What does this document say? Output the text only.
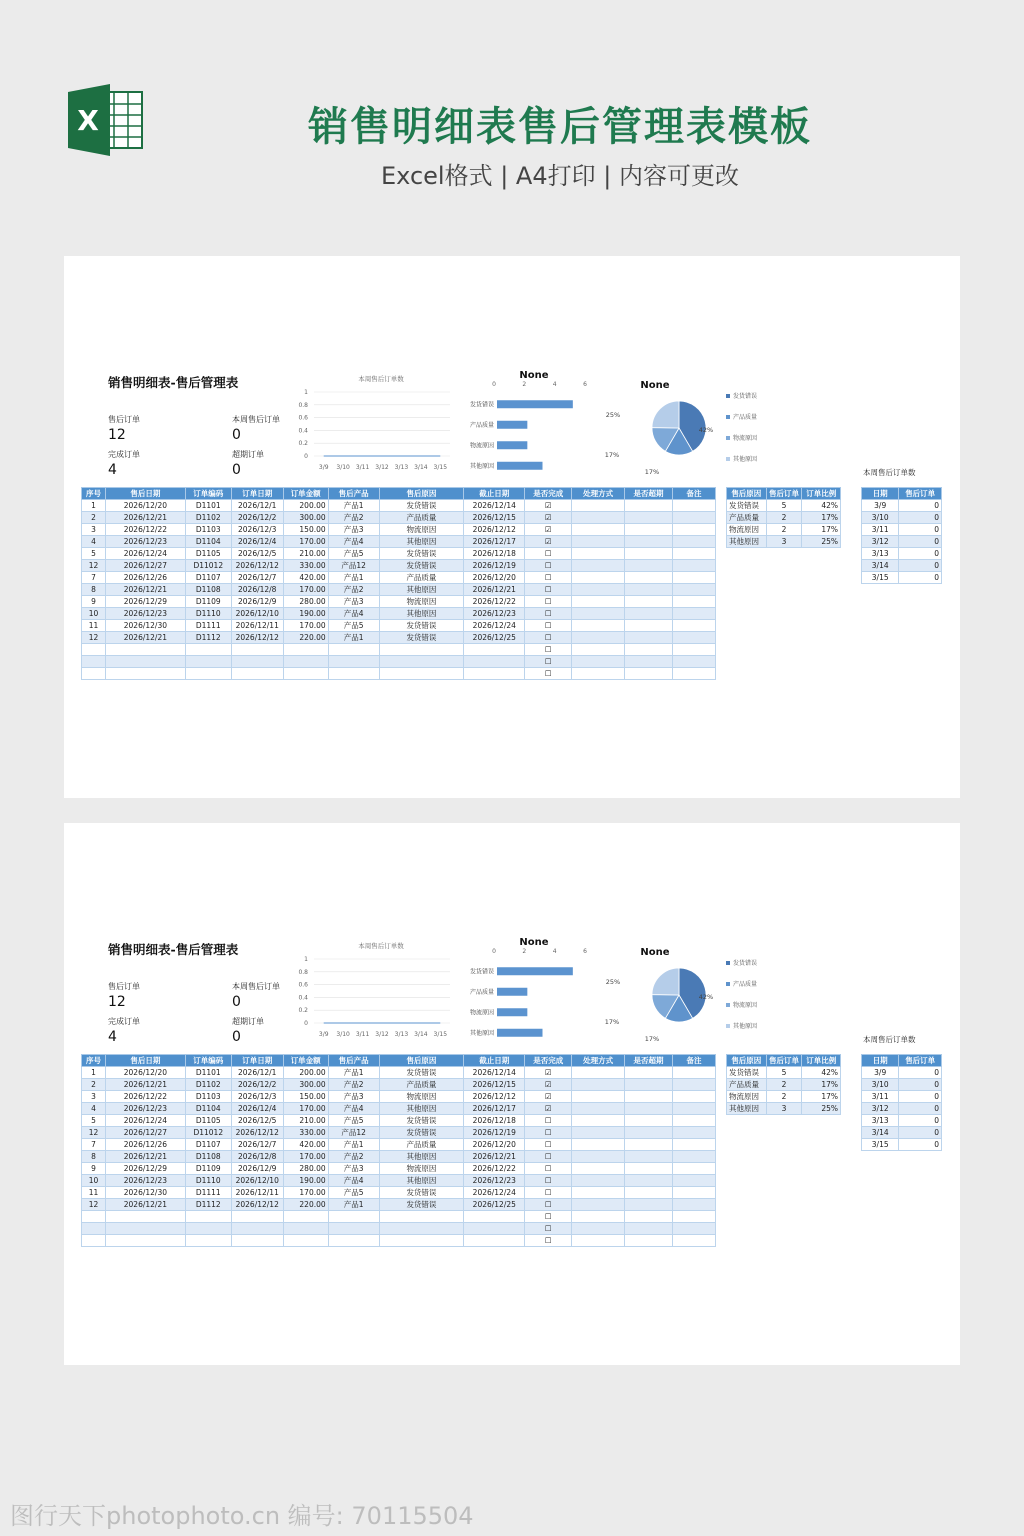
X	销售明细表售后管理表模板
Excel格式 | A4打印 | 内容可更改
销售明细表-售后管理表
售后订单
12
本周售后订单
0
完成订单
4
超期订单
0
本周售后订单数
1
0.8
0.6
0.4
0.2
0
3/9 3/10 3/11 3/12 3/13 3/14 3/15
None
0	2	4	6
发货错误
产品质量
物流原因
其他原因
None
42%
17%
17%
25%
发货错误
产品质量
物流原因
其他原因
本周售后订单数
序号	售后日期	订单编码	订单日期	订单金额	售后产品	售后原因	截止日期	是否完成	处理方式	是否超期	备注
1	2026/12/20	D1101	2026/12/1	200.00	产品1	发货错误	2026/12/14	☑			
2	2026/12/21	D1102	2026/12/2	300.00	产品2	产品质量	2026/12/15	☑			
3	2026/12/22	D1103	2026/12/3	150.00	产品3	物流原因	2026/12/12	☑			
4	2026/12/23	D1104	2026/12/4	170.00	产品4	其他原因	2026/12/17	☑			
5	2026/12/24	D1105	2026/12/5	210.00	产品5	发货错误	2026/12/18	☐			
12	2026/12/27	D11012	2026/12/12	330.00	产品12	发货错误	2026/12/19	☐			
7	2026/12/26	D1107	2026/12/7	420.00	产品1	产品质量	2026/12/20	☐			
8	2026/12/21	D1108	2026/12/8	170.00	产品2	其他原因	2026/12/21	☐			
9	2026/12/29	D1109	2026/12/9	280.00	产品3	物流原因	2026/12/22	☐			
10	2026/12/23	D1110	2026/12/10	190.00	产品4	其他原因	2026/12/23	☐			
11	2026/12/30	D1111	2026/12/11	170.00	产品5	发货错误	2026/12/24	☐			
12	2026/12/21	D1112	2026/12/12	220.00	产品1	发货错误	2026/12/25	☐			
								☐			
								☐			
								☐			
售后原因	售后订单	订单比例
发货错误	5	42%
产品质量	2	17%
物流原因	2	17%
其他原因	3	25%
日期	售后订单
3/9	0
3/10	0
3/11	0
3/12	0
3/13	0
3/14	0
3/15	0
销售明细表-售后管理表
售后订单
12
本周售后订单
0
完成订单
4
超期订单
0
本周售后订单数
1
0.8
0.6
0.4
0.2
0
3/9 3/10 3/11 3/12 3/13 3/14 3/15
None
0	2	4	6
发货错误
产品质量
物流原因
其他原因
None
42%
17%
17%
25%
发货错误
产品质量
物流原因
其他原因
本周售后订单数
序号	售后日期	订单编码	订单日期	订单金额	售后产品	售后原因	截止日期	是否完成	处理方式	是否超期	备注
1	2026/12/20	D1101	2026/12/1	200.00	产品1	发货错误	2026/12/14	☑			
2	2026/12/21	D1102	2026/12/2	300.00	产品2	产品质量	2026/12/15	☑			
3	2026/12/22	D1103	2026/12/3	150.00	产品3	物流原因	2026/12/12	☑			
4	2026/12/23	D1104	2026/12/4	170.00	产品4	其他原因	2026/12/17	☑			
5	2026/12/24	D1105	2026/12/5	210.00	产品5	发货错误	2026/12/18	☐			
12	2026/12/27	D11012	2026/12/12	330.00	产品12	发货错误	2026/12/19	☐			
7	2026/12/26	D1107	2026/12/7	420.00	产品1	产品质量	2026/12/20	☐			
8	2026/12/21	D1108	2026/12/8	170.00	产品2	其他原因	2026/12/21	☐			
9	2026/12/29	D1109	2026/12/9	280.00	产品3	物流原因	2026/12/22	☐			
10	2026/12/23	D1110	2026/12/10	190.00	产品4	其他原因	2026/12/23	☐			
11	2026/12/30	D1111	2026/12/11	170.00	产品5	发货错误	2026/12/24	☐			
12	2026/12/21	D1112	2026/12/12	220.00	产品1	发货错误	2026/12/25	☐			
								☐			
								☐			
								☐			
售后原因	售后订单	订单比例
发货错误	5	42%
产品质量	2	17%
物流原因	2	17%
其他原因	3	25%
日期	售后订单
3/9	0
3/10	0
3/11	0
3/12	0
3/13	0
3/14	0
3/15	0
图行天下photophoto.cn 编号: 70115504
